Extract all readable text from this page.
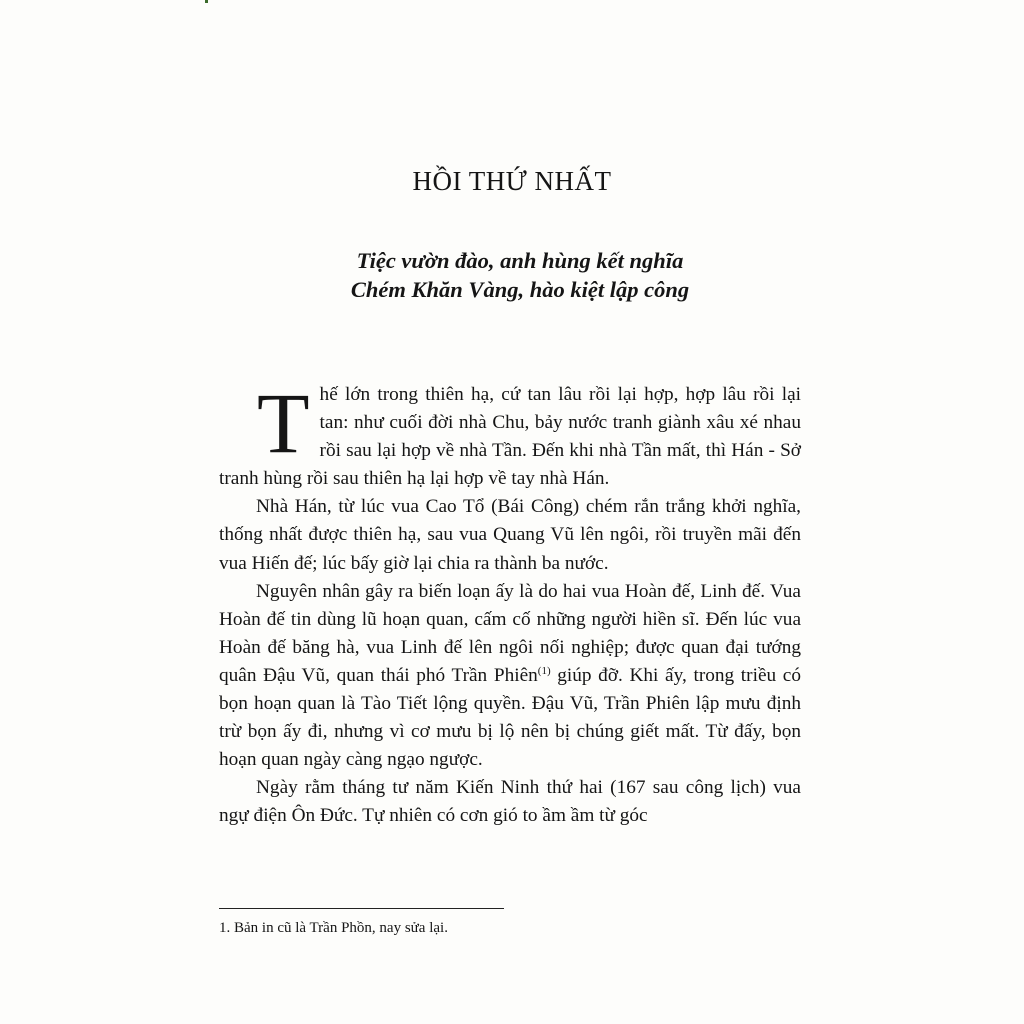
HỒI THỨ NHẤT
Tiệc vườn đào, anh hùng kết nghĩa
Chém Khăn Vàng, hào kiệt lập công

Thế lớn trong thiên hạ, cứ tan lâu rồi lại hợp, hợp lâu rồi lại tan: như cuối đời nhà Chu, bảy nước tranh giành xâu xé nhau rồi sau lại hợp về nhà Tần. Đến khi nhà Tần mất, thì Hán - Sở tranh hùng rồi sau thiên hạ lại hợp về tay nhà Hán.

Nhà Hán, từ lúc vua Cao Tổ (Bái Công) chém rắn trắng khởi nghĩa, thống nhất được thiên hạ, sau vua Quang Vũ lên ngôi, rồi truyền mãi đến vua Hiến đế; lúc bấy giờ lại chia ra thành ba nước.

Nguyên nhân gây ra biến loạn ấy là do hai vua Hoàn đế, Linh đế. Vua Hoàn đế tin dùng lũ hoạn quan, cấm cố những người hiền sĩ. Đến lúc vua Hoàn đế băng hà, vua Linh đế lên ngôi nối nghiệp; được quan đại tướng quân Đậu Vũ, quan thái phó Trần Phiên$^{(1)}$ giúp đỡ. Khi ấy, trong triều có bọn hoạn quan là Tào Tiết lộng quyền. Đậu Vũ, Trần Phiên lập mưu định trừ bọn ấy đi, nhưng vì cơ mưu bị lộ nên bị chúng giết mất. Từ đấy, bọn hoạn quan ngày càng ngạo ngược.

Ngày rằm tháng tư năm Kiến Ninh thứ hai (167 sau công lịch) vua ngự điện Ôn Đức. Tự nhiên có cơn gió to ầm ầm từ góc

1. Bản in cũ là Trần Phồn, nay sửa lại.
